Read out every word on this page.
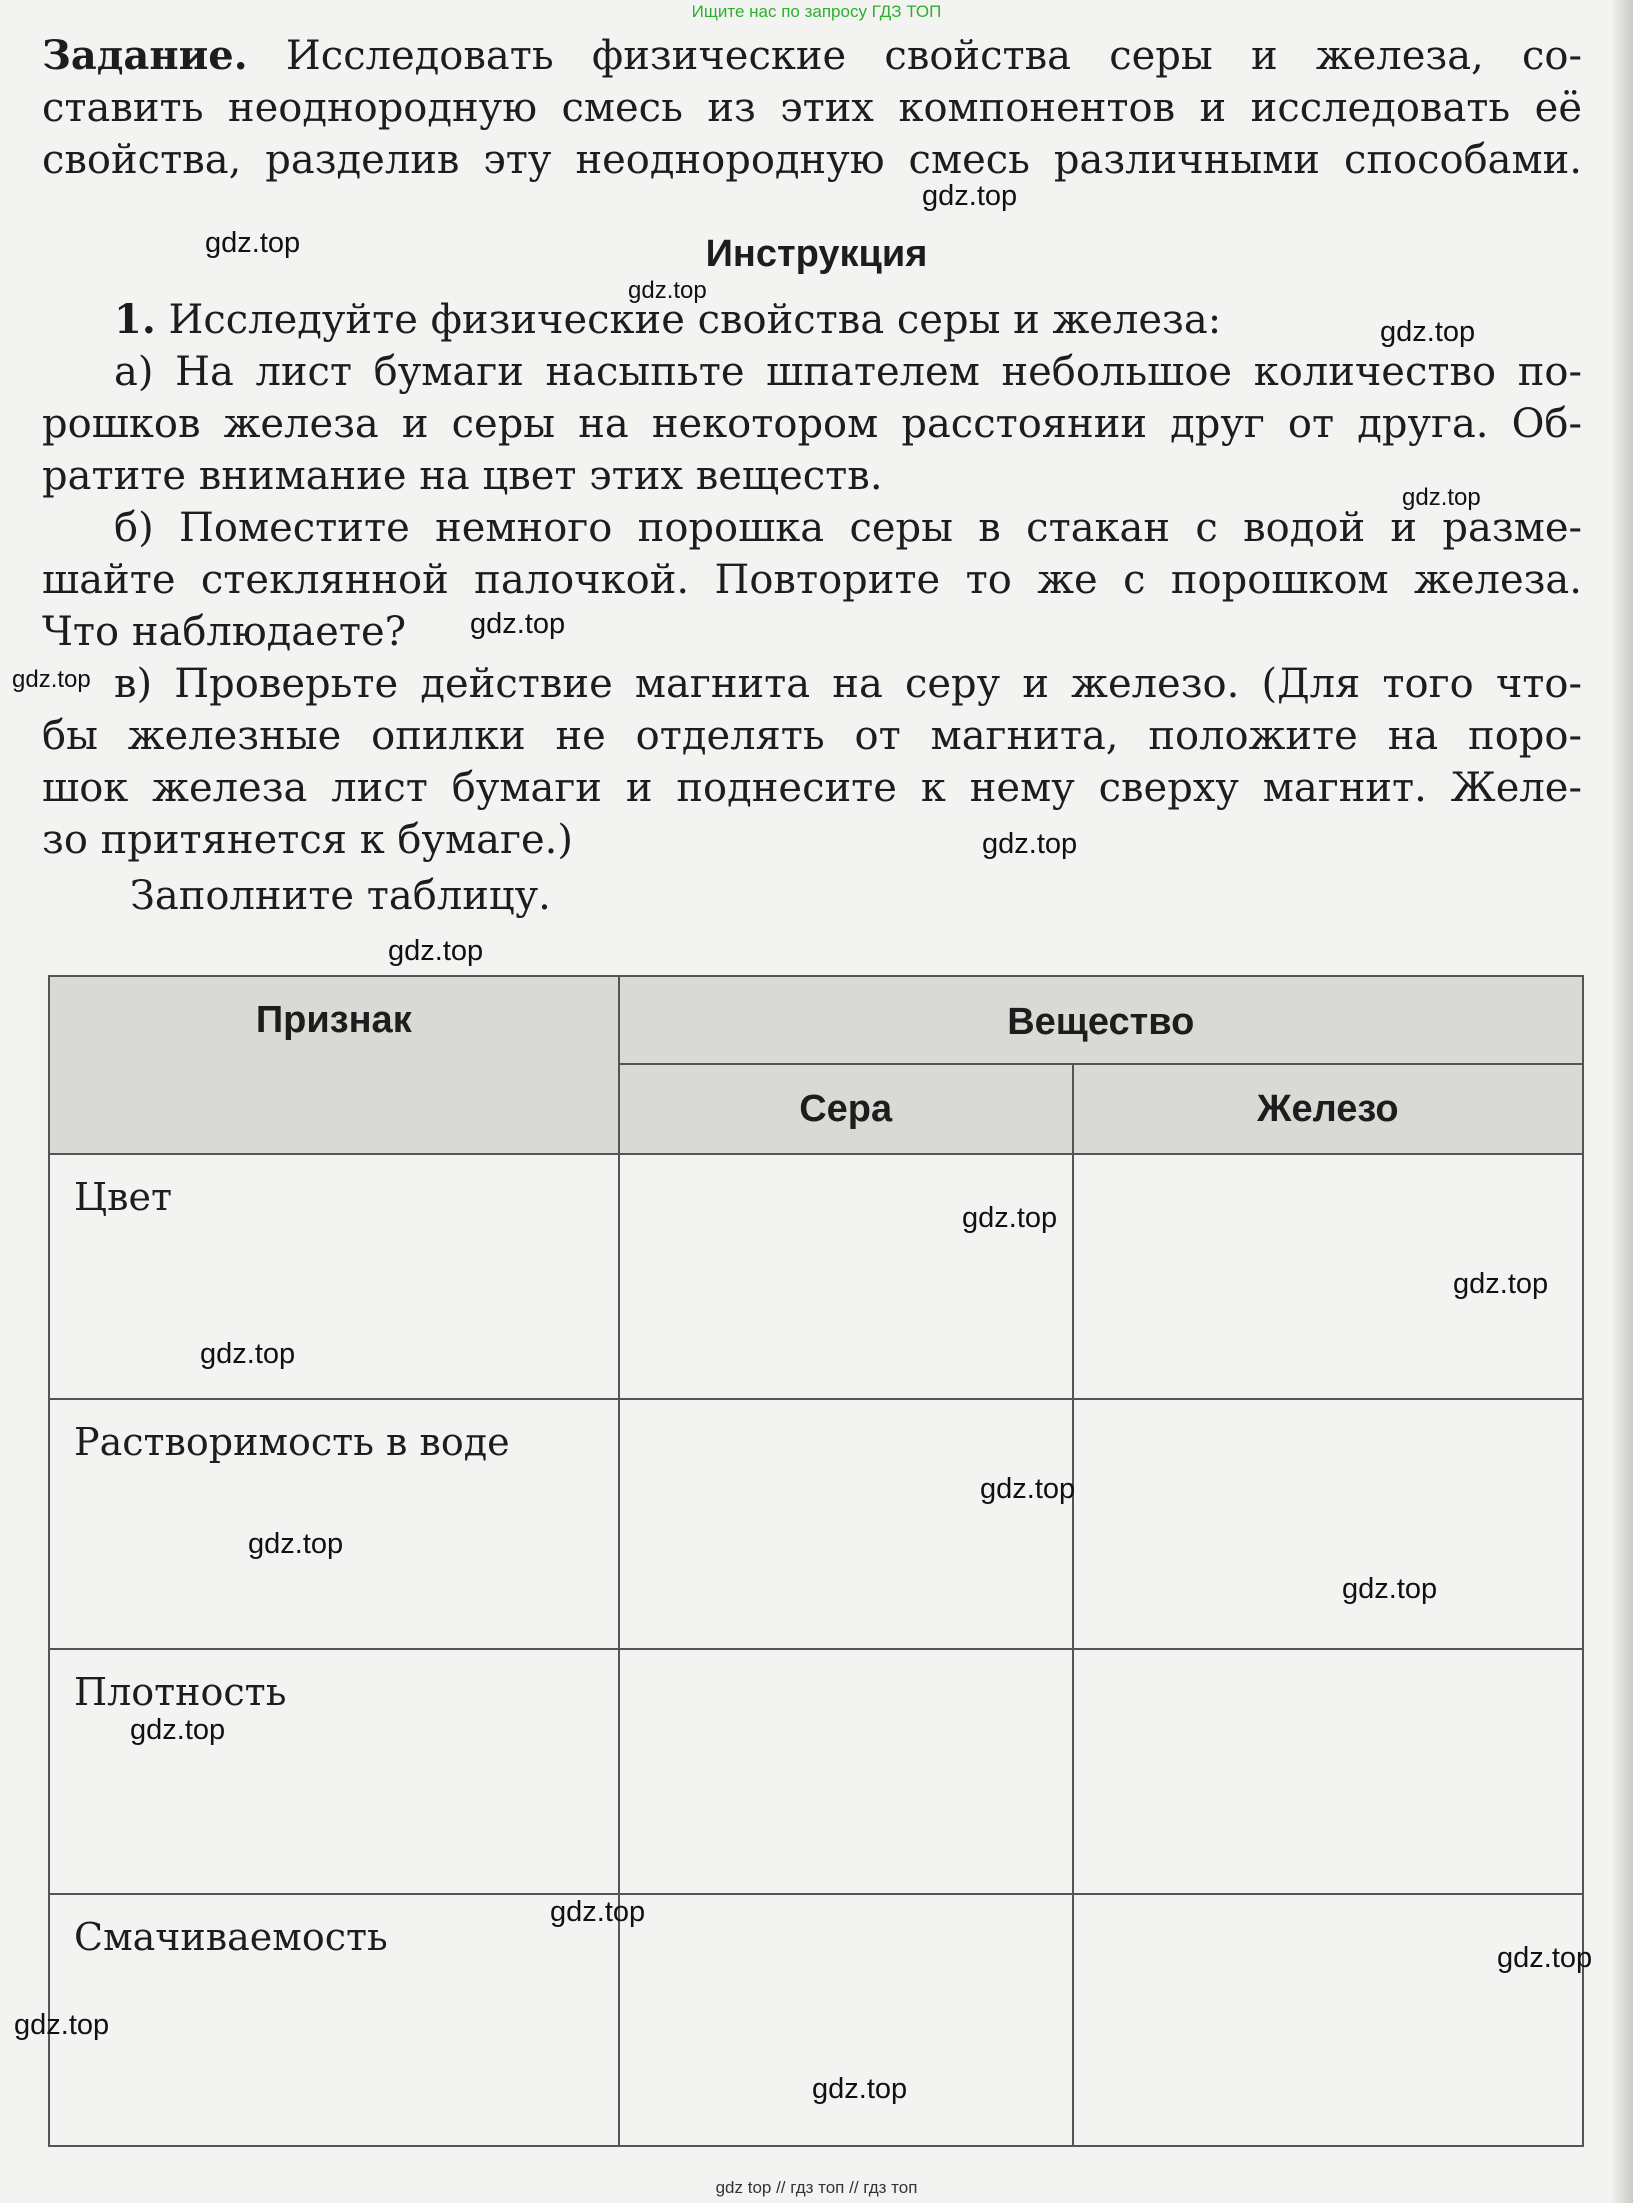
Ищите нас по запросу ГДЗ ТОП

Задание. Исследовать физические свойства серы и железа, со-

ставить неоднородную смесь из этих компонентов и исследовать её

свойства, разделив эту неоднородную смесь различными способами.

Инструкция

1. Исследуйте физические свойства серы и железа:

а) На лист бумаги насыпьте шпателем небольшое количество по-

рошков железа и серы на некотором расстоянии друг от друга. Об-

ратите внимание на цвет этих веществ.

б) Поместите немного порошка серы в стакан с водой и разме-

шайте стеклянной палочкой. Повторите то же с порошком железа.

Что наблюдаете?

в) Проверьте действие магнита на серу и железо. (Для того что-

бы железные опилки не отделять от магнита, положите на поро-

шок железа лист бумаги и поднесите к нему сверху магнит. Желе-

зо притянется к бумаге.)

Заполните таблицу.

Признак	Вещество	
	Сера	Железо
Цвет		
Растворимость в воде		
Плотность		
Смачиваемость		
gdz.top
gdz.top
gdz.top
gdz.top
gdz.top
gdz.top
gdz.top
gdz.top
gdz.top
gdz.top
gdz.top
gdz.top
gdz.top
gdz.top
gdz.top
gdz.top
gdz.top
gdz.top
gdz.top
gdz.top
gdz top // гдз топ // гдз топ
